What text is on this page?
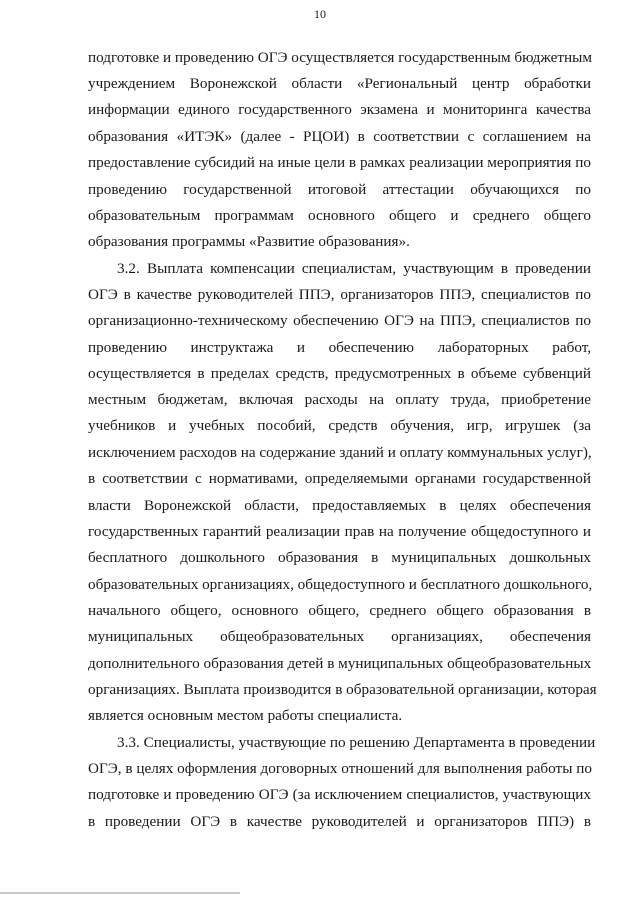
10
подготовке и проведению ОГЭ осуществляется государственным бюджетным
учреждением Воронежской области «Региональный центр обработки
информации единого государственного экзамена и мониторинга качества
образования «ИТЭК» (далее - РЦОИ) в соответствии с соглашением на
предоставление субсидий на иные цели в рамках реализации мероприятия по
проведению государственной итоговой аттестации обучающихся по
образовательным программам основного общего и среднего общего
образования программы «Развитие образования».
3.2. Выплата компенсации специалистам, участвующим в проведении
ОГЭ в качестве руководителей ППЭ, организаторов ППЭ, специалистов по
организационно-техническому обеспечению ОГЭ на ППЭ, специалистов по
проведению инструктажа и обеспечению лабораторных работ,
осуществляется в пределах средств, предусмотренных в объеме субвенций
местным бюджетам, включая расходы на оплату труда, приобретение
учебников и учебных пособий, средств обучения, игр, игрушек (за
исключением расходов на содержание зданий и оплату коммунальных услуг),
в соответствии с нормативами, определяемыми органами государственной
власти Воронежской области, предоставляемых в целях обеспечения
государственных гарантий реализации прав на получение общедоступного и
бесплатного дошкольного образования в муниципальных дошкольных
образовательных организациях, общедоступного и бесплатного дошкольного,
начального общего, основного общего, среднего общего образования в
муниципальных общеобразовательных организациях, обеспечения
дополнительного образования детей в муниципальных общеобразовательных
организациях. Выплата производится в образовательной организации, которая
является основным местом работы специалиста.
3.3. Специалисты, участвующие по решению Департамента в проведении
ОГЭ, в целях оформления договорных отношений для выполнения работы по
подготовке и проведению ОГЭ (за исключением специалистов, участвующих
в проведении ОГЭ в качестве руководителей и организаторов ППЭ) в
